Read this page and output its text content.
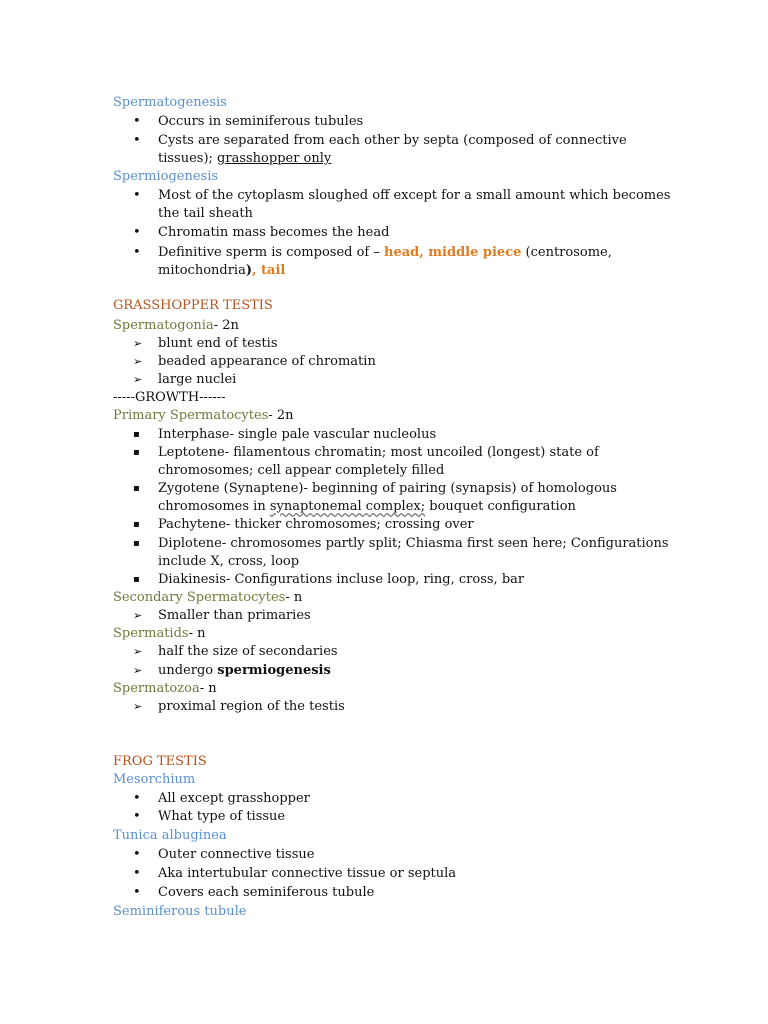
Spermatogenesis
• Occurs in seminiferous tubules
• Cysts are separated from each other by septa (composed of connective
tissues); grasshopper only
Spermiogenesis
• Most of the cytoplasm sloughed off except for a small amount which becomes
the tail sheath
• Chromatin mass becomes the head
• Definitive sperm is composed of – head, middle piece (centrosome,
mitochondria), tail
GRASSHOPPER TESTIS
Spermatogonia- 2n
➢ blunt end of testis
➢ beaded appearance of chromatin
➢ large nuclei
-----GROWTH------
Primary Spermatocytes- 2n
▪ Interphase- single pale vascular nucleolus
▪ Leptotene- filamentous chromatin; most uncoiled (longest) state of
chromosomes; cell appear completely filled
▪ Zygotene (Synaptene)- beginning of pairing (synapsis) of homologous
chromosomes in synaptonemal complex; bouquet configuration
▪ Pachytene- thicker chromosomes; crossing over
▪ Diplotene- chromosomes partly split; Chiasma first seen here; Configurations
include X, cross, loop
▪ Diakinesis- Configurations incluse loop, ring, cross, bar
Secondary Spermatocytes- n
➢ Smaller than primaries
Spermatids- n
➢ half the size of secondaries
➢ undergo spermiogenesis
Spermatozoa- n
➢ proximal region of the testis
FROG TESTIS
Mesorchium
• All except grasshopper
• What type of tissue
Tunica albuginea
• Outer connective tissue
• Aka intertubular connective tissue or septula
• Covers each seminiferous tubule
Seminiferous tubule
